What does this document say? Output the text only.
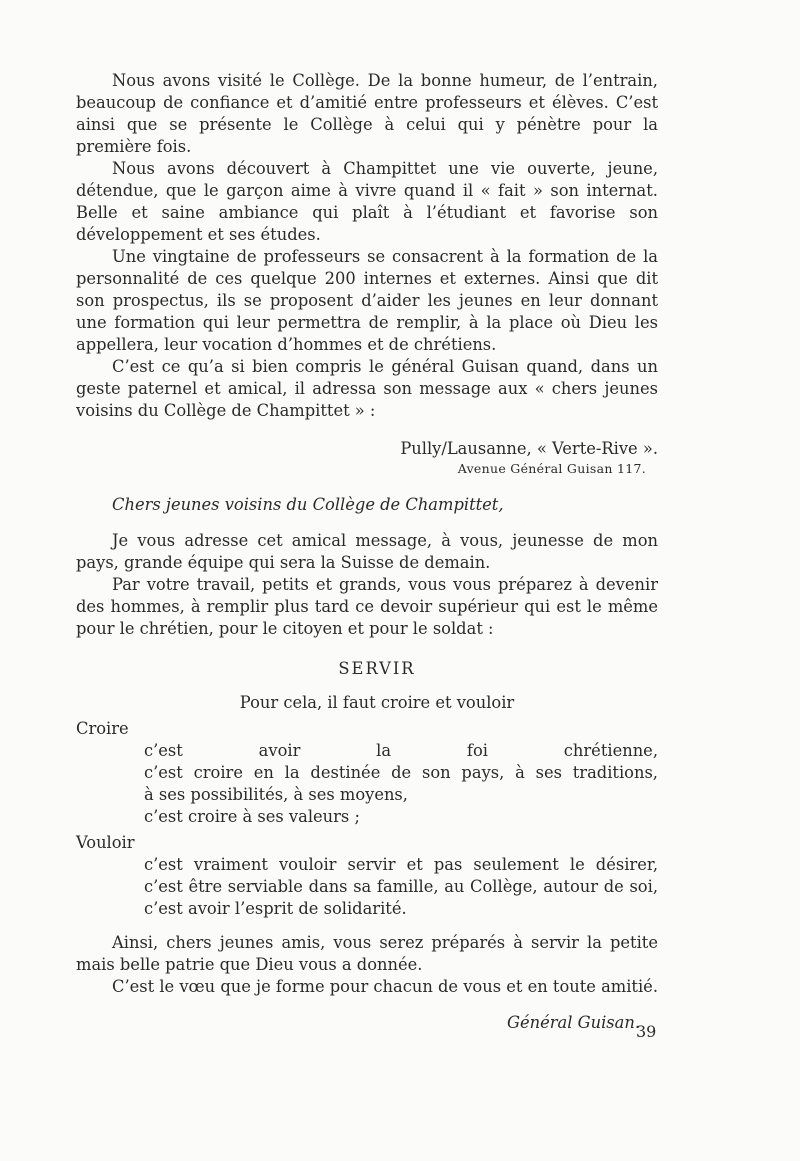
Nous avons visité le Collège. De la bonne humeur, de l’entrain, beaucoup de confiance et d’amitié entre professeurs et élèves. C’est ainsi que se présente le Collège à celui qui y pénètre pour la première fois.

Nous avons découvert à Champittet une vie ouverte, jeune, détendue, que le garçon aime à vivre quand il « fait » son internat. Belle et saine ambiance qui plaît à l’étudiant et favorise son développement et ses études.

Une vingtaine de professeurs se consacrent à la formation de la personnalité de ces quelque 200 internes et externes. Ainsi que dit son prospectus, ils se proposent d’aider les jeunes en leur donnant une formation qui leur permettra de remplir, à la place où Dieu les appellera, leur vocation d’hommes et de chrétiens.

C’est ce qu’a si bien compris le général Guisan quand, dans un geste paternel et amical, il adressa son message aux « chers jeunes voisins du Collège de Champittet » :

Pully/Lausanne, « Verte-Rive ».

Avenue Général Guisan 117.

Chers jeunes voisins du Collège de Champittet,

Je vous adresse cet amical message, à vous, jeunesse de mon pays, grande équipe qui sera la Suisse de demain.

Par votre travail, petits et grands, vous vous préparez à devenir des hommes, à remplir plus tard ce devoir supérieur qui est le même pour le chrétien, pour le citoyen et pour le soldat :

SERVIR

Pour cela, il faut croire et vouloir

Croire

c’est avoir la foi chrétienne,

c’est croire en la destinée de son pays, à ses traditions,

à ses possibilités, à ses moyens,

c’est croire à ses valeurs ;

Vouloir

c’est vraiment vouloir servir et pas seulement le désirer,

c’est être serviable dans sa famille, au Collège, autour de soi,

c’est avoir l’esprit de solidarité.

Ainsi, chers jeunes amis, vous serez préparés à servir la petite mais belle patrie que Dieu vous a donnée.

C’est le vœu que je forme pour chacun de vous et en toute amitié.

Général Guisan.

39
